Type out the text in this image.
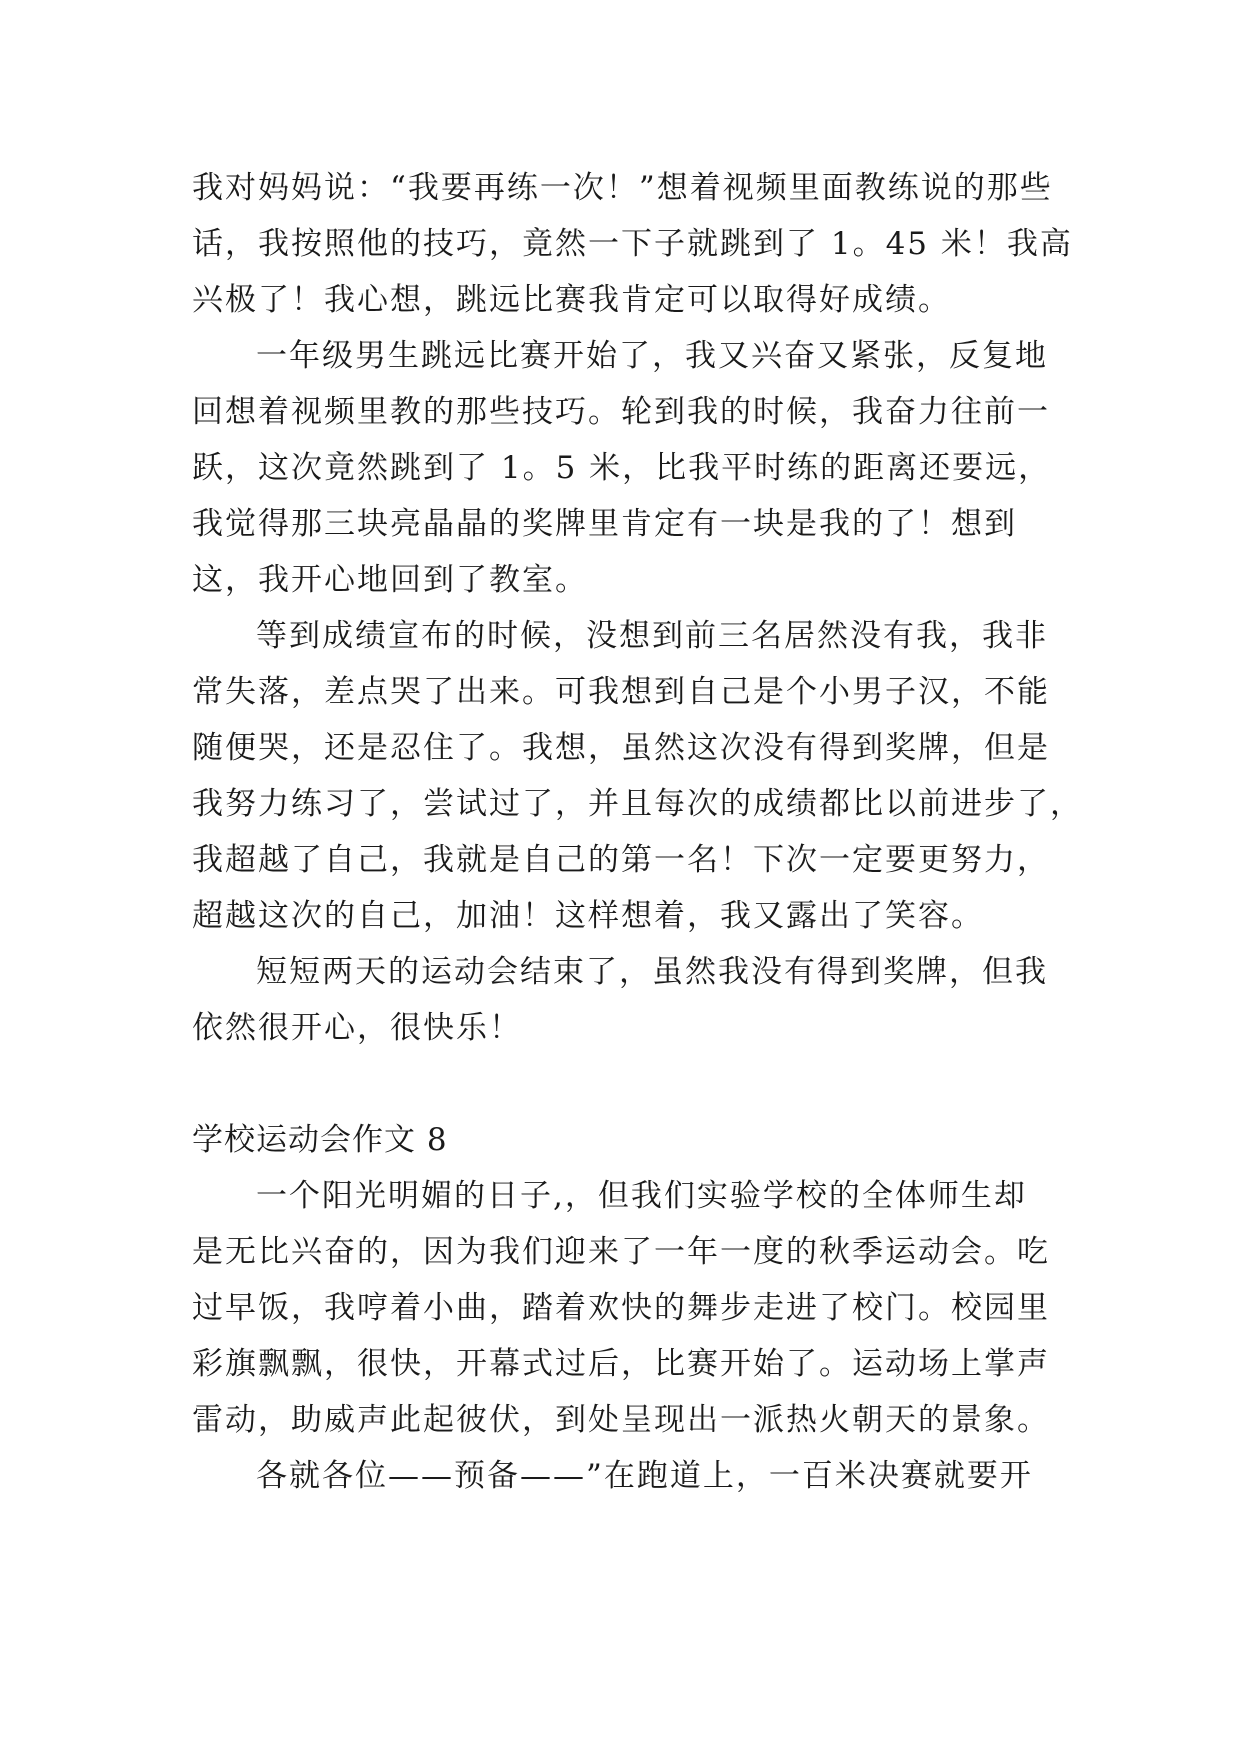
我对妈妈说：“我要再练一次！”想着视频里面教练说的那些
话，我按照他的技巧，竟然一下子就跳到了 1。45 米！我高
兴极了！我心想，跳远比赛我肯定可以取得好成绩。
一年级男生跳远比赛开始了，我又兴奋又紧张，反复地
回想着视频里教的那些技巧。轮到我的时候，我奋力往前一
跃，这次竟然跳到了 1。5 米，比我平时练的距离还要远，
我觉得那三块亮晶晶的奖牌里肯定有一块是我的了！想到
这，我开心地回到了教室。
等到成绩宣布的时候，没想到前三名居然没有我，我非
常失落，差点哭了出来。可我想到自己是个小男子汉，不能
随便哭，还是忍住了。我想，虽然这次没有得到奖牌，但是
我努力练习了，尝试过了，并且每次的成绩都比以前进步了，
我超越了自己，我就是自己的第一名！下次一定要更努力，
超越这次的自己，加油！这样想着，我又露出了笑容。
短短两天的运动会结束了，虽然我没有得到奖牌，但我
依然很开心，很快乐！
学校运动会作文 8
一个阳光明媚的日子,，但我们实验学校的全体师生却
是无比兴奋的，因为我们迎来了一年一度的秋季运动会。吃
过早饭，我哼着小曲，踏着欢快的舞步走进了校门。校园里
彩旗飘飘，很快，开幕式过后，比赛开始了。运动场上掌声
雷动，助威声此起彼伏，到处呈现出一派热火朝天的景象。
各就各位——预备——”在跑道上，一百米决赛就要开
